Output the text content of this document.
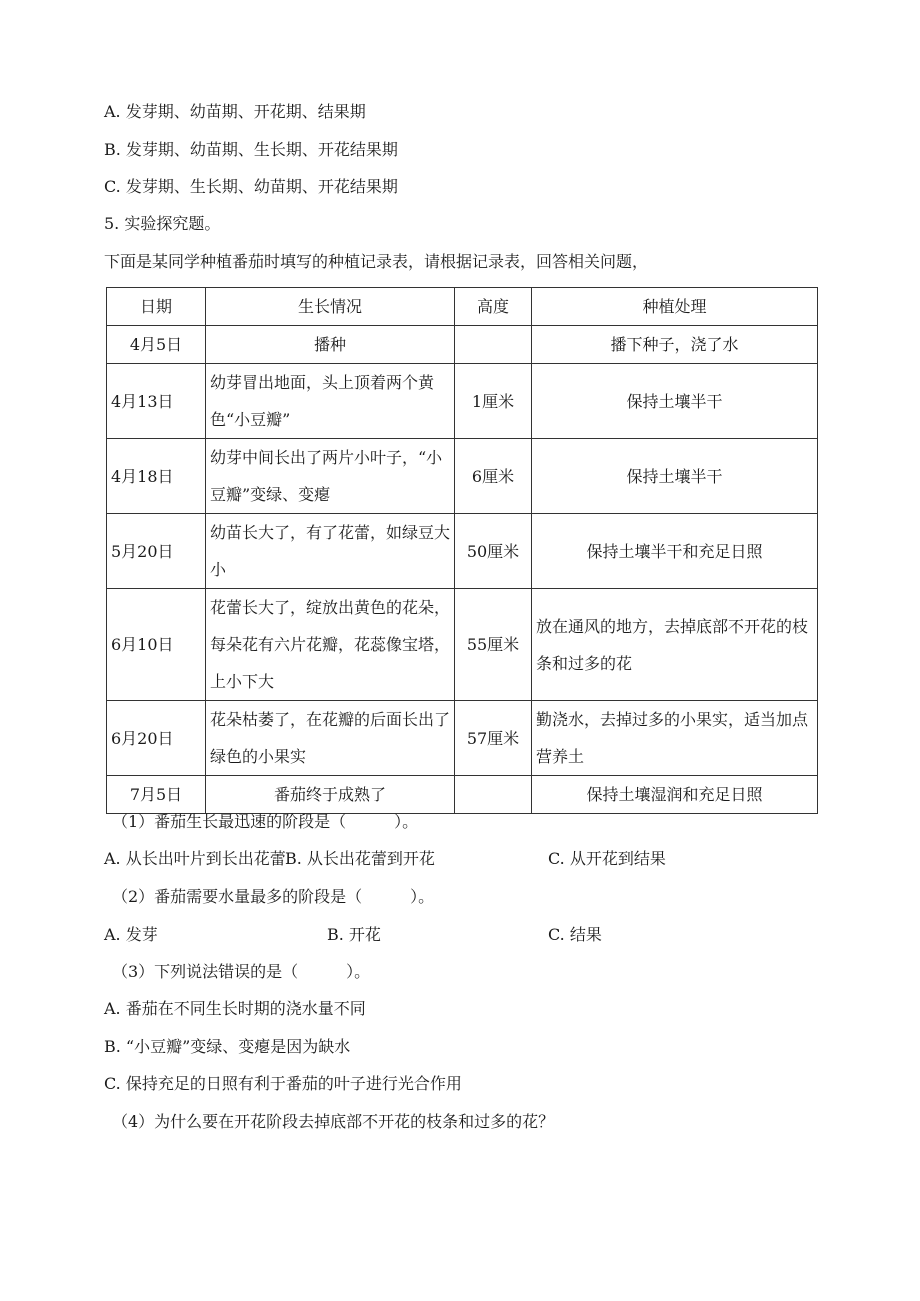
A. 发芽期、幼苗期、开花期、结果期
B. 发芽期、幼苗期、生长期、开花结果期
C. 发芽期、生长期、幼苗期、开花结果期
5. 实验探究题。
下面是某同学种植番茄时填写的种植记录表，请根据记录表，回答相关问题，
日期	生长情况	高度	种植处理
4月5日	播种		播下种子，浇了水
4月13日	幼芽冒出地面，头上顶着两个黄色“小豆瓣”	1厘米	保持土壤半干
4月18日	幼芽中间长出了两片小叶子，“小豆瓣”变绿、变瘪	6厘米	保持土壤半干
5月20日	幼苗长大了，有了花蕾，如绿豆大小	50厘米	保持土壤半干和充足日照
6月10日	花蕾长大了，绽放出黄色的花朵，每朵花有六片花瓣，花蕊像宝塔，上小下大	55厘米	放在通风的地方，去掉底部不开花的枝条和过多的花
6月20日	花朵枯萎了，在花瓣的后面长出了绿色的小果实	57厘米	勤浇水，去掉过多的小果实，适当加点营养土
7月5日	番茄终于成熟了		保持土壤湿润和充足日照
（1）番茄生长最迅速的阶段是（　　　）。
A. 从长出叶片到长出花蕾 B. 从长出花蕾到开花	C. 从开花到结果
（2）番茄需要水量最多的阶段是（　　　）。
A. 发芽	B. 开花	C. 结果
（3）下列说法错误的是（　　　）。
A. 番茄在不同生长时期的浇水量不同
B. “小豆瓣”变绿、变瘪是因为缺水
C. 保持充足的日照有利于番茄的叶子进行光合作用
（4）为什么要在开花阶段去掉底部不开花的枝条和过多的花？
